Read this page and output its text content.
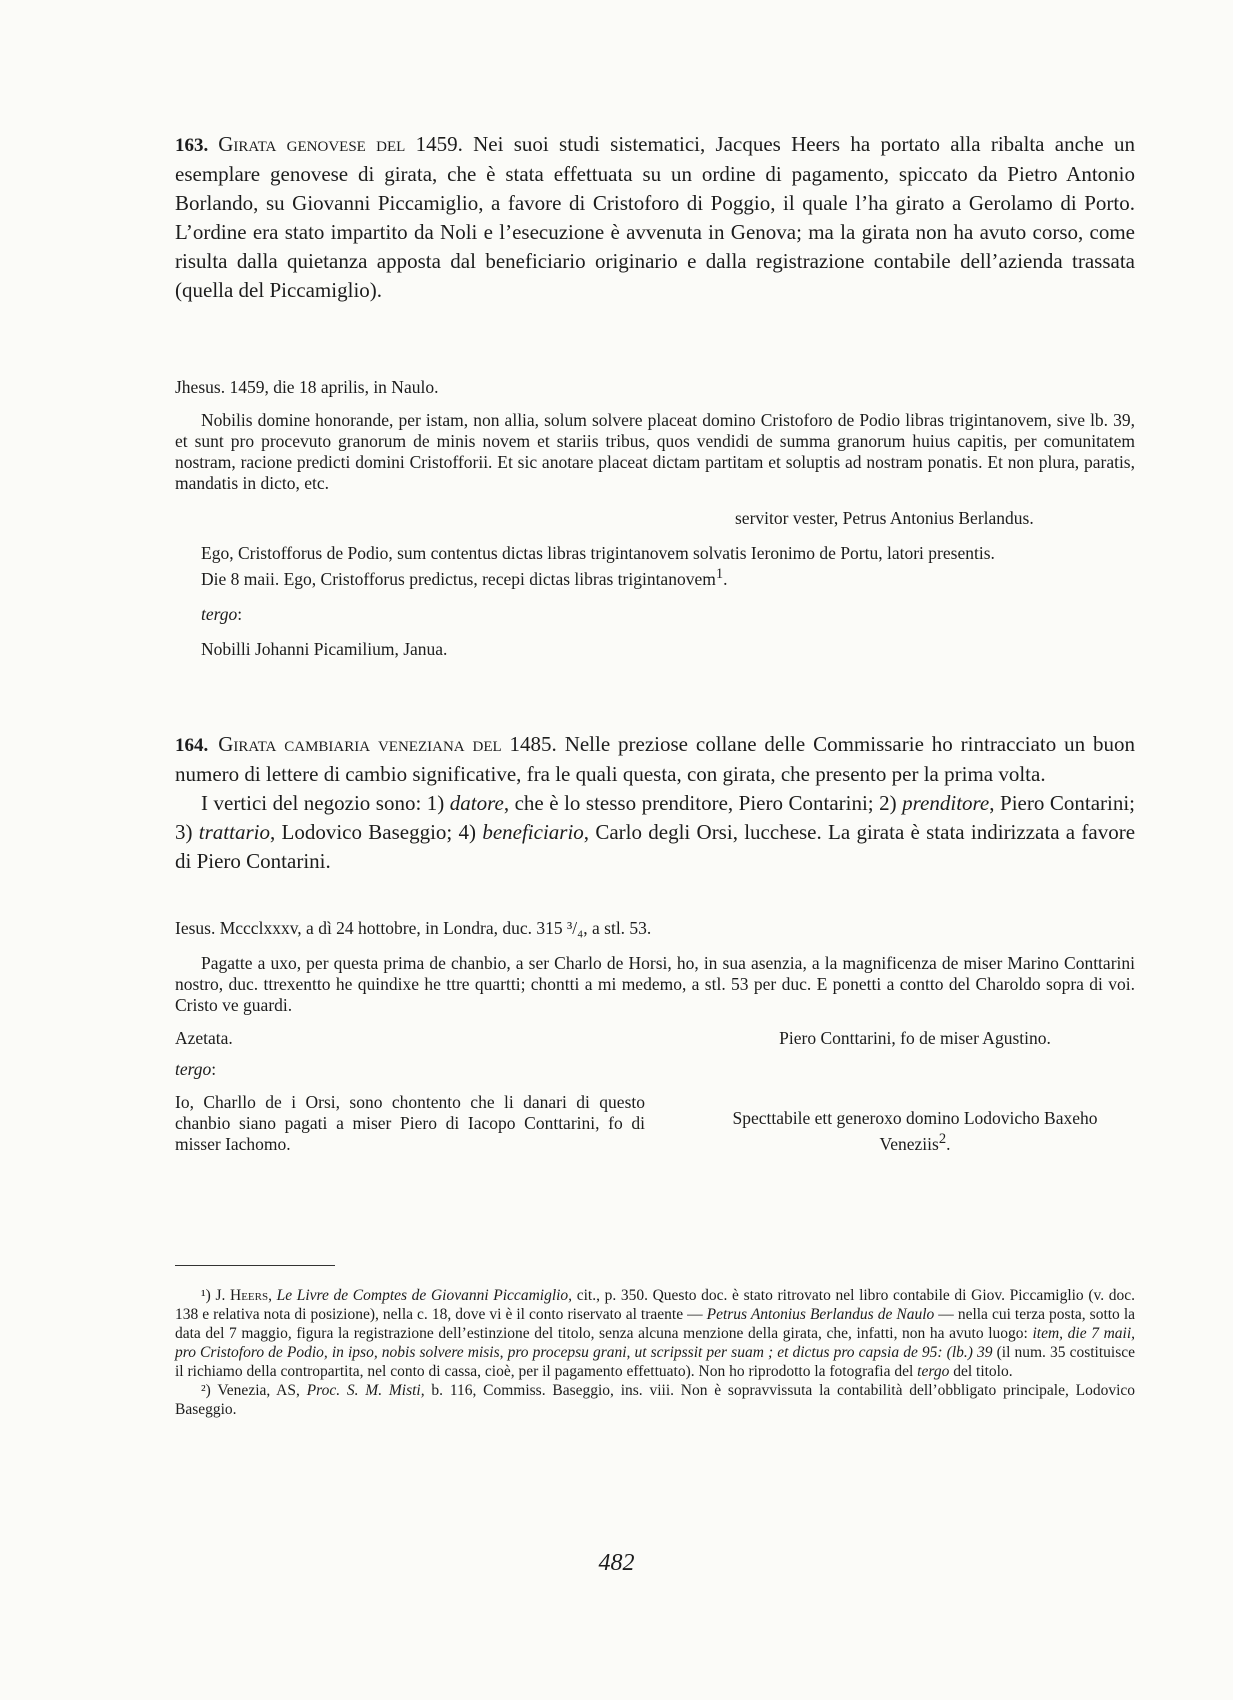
163. Girata genovese del 1459. Nei suoi studi sistematici, Jacques Heers ha portato alla ribalta anche un esemplare genovese di girata, che è stata effettuata su un ordine di pagamento, spiccato da Pietro Antonio Borlando, su Giovanni Piccamiglio, a favore di Cristoforo di Poggio, il quale l’ha girato a Gerolamo di Porto. L’ordine era stato impartito da Noli e l’esecuzione è avvenuta in Genova; ma la girata non ha avuto corso, come risulta dalla quietanza apposta dal beneficiario originario e dalla registrazione contabile dell’azienda trassata (quella del Piccamiglio).

Jhesus. 1459, die 18 aprilis, in Naulo.

Nobilis domine honorande, per istam, non allia, solum solvere placeat domino Cristoforo de Podio libras trigintanovem, sive lb. 39, et sunt pro procevuto granorum de minis novem et stariis tribus, quos vendidi de summa granorum huius capitis, per comunitatem nostram, racione predicti domini Cristofforii. Et sic anotare placeat dictam partitam et soluptis ad nostram ponatis. Et non plura, paratis, mandatis in dicto, etc.

servitor vester, Petrus Antonius Berlandus.

Ego, Cristofforus de Podio, sum contentus dictas libras trigintanovem solvatis Ieronimo de Portu, latori presentis.

Die 8 maii. Ego, Cristofforus predictus, recepi dictas libras trigintanovem$^1$.

tergo:

Nobilli Johanni Picamilium, Janua.

164. Girata cambiaria veneziana del 1485. Nelle preziose collane delle Commissarie ho rintracciato un buon numero di lettere di cambio significative, fra le quali questa, con girata, che presento per la prima volta.

I vertici del negozio sono: 1) datore, che è lo stesso prenditore, Piero Contarini; 2) prenditore, Piero Contarini; 3) trattario, Lodovico Baseggio; 4) beneficiario, Carlo degli Orsi, lucchese. La girata è stata indirizzata a favore di Piero Contarini.

Iesus. Mccclxxxv, a dì 24 hottobre, in Londra, duc. 315 ³/₄, a stl. 53.

Pagatte a uxo, per questa prima de chanbio, a ser Charlo de Horsi, ho, in sua asenzia, a la magnificenza de miser Marino Conttarini nostro, duc. ttrexentto he quindixe he ttre quartti; chontti a mi medemo, a stl. 53 per duc. E ponetti a contto del Charoldo sopra di voi. Cristo ve guardi.

Azetata.	Piero Conttarini, fo de miser Agustino.

tergo:

Io, Charllo de i Orsi, sono chontento che li danari di questo chanbio siano pagati a miser Piero di Iacopo Conttarini, fo di misser Iachomo.

Specttabile ett generoxo domino Lodovicho Baxeho

Veneziis$^2$.

¹) J. Heers, Le Livre de Comptes de Giovanni Piccamiglio, cit., p. 350. Questo doc. è stato ritrovato nel libro contabile di Giov. Piccamiglio (v. doc. 138 e relativa nota di posizione), nella c. 18, dove vi è il conto riservato al traente — Petrus Antonius Berlandus de Naulo — nella cui terza posta, sotto la data del 7 maggio, figura la registrazione dell’estinzione del titolo, senza alcuna menzione della girata, che, infatti, non ha avuto luogo: item, die 7 maii, pro Cristoforo de Podio, in ipso, nobis solvere misis, pro procepsu grani, ut scripssit per suam ; et dictus pro capsia de 95: (lb.) 39 (il num. 35 costituisce il richiamo della contropartita, nel conto di cassa, cioè, per il pagamento effettuato). Non ho riprodotto la fotografia del tergo del titolo.

²) Venezia, AS, Proc. S. M. Misti, b. 116, Commiss. Baseggio, ins. viii. Non è sopravvissuta la contabilità dell’obbligato principale, Lodovico Baseggio.

482
